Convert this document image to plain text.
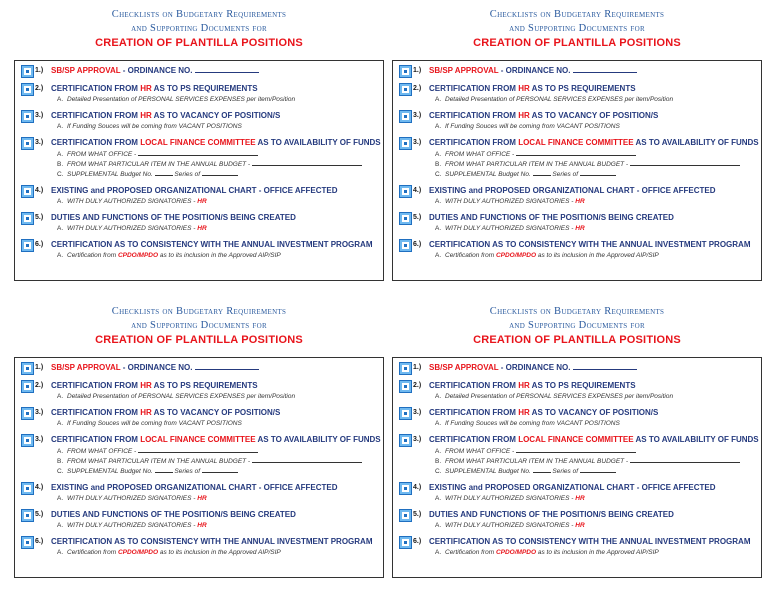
Checklists on Budgetary Requirements
and Supporting Documents for
CREATION OF PLANTILLA POSITIONS
1.) SB/SP APPROVAL - ORDINANCE NO.
2.) CERTIFICATION FROM HR AS TO PS REQUIREMENTS
A. Detailed Presentation of PERSONAL SERVICES EXPENSES per item/Position
3.) CERTIFICATION FROM HR AS TO VACANCY OF POSITION/S
A. If Funding Souces will be coming from VACANT POSITIONS
3.) CERTIFICATION FROM LOCAL FINANCE COMMITTEE AS TO AVAILABILITY OF FUNDS
A. FROM WHAT OFFICE -
B. FROM WHAT PARTICULAR ITEM IN THE ANNUAL BUDGET -
C. SUPPLEMENTAL Budget No.	Series of
4.) EXISTING and PROPOSED ORGANIZATIONAL CHART - OFFICE AFFECTED
A. WITH DULY AUTHORIZED SIGNATORIES - HR
5.) DUTIES AND FUNCTIONS OF THE POSITION/S BEING CREATED
A. WITH DULY AUTHORIZED SIGNATORIES - HR
6.) CERTIFICATION AS TO CONSISTENCY WITH THE ANNUAL INVESTMENT PROGRAM
A. Certification from CPDO/MPDO as to its inclusion in the Approved AIP/SIP
Checklists on Budgetary Requirements
and Supporting Documents for
CREATION OF PLANTILLA POSITIONS
1.) SB/SP APPROVAL - ORDINANCE NO.
2.) CERTIFICATION FROM HR AS TO PS REQUIREMENTS
A. Detailed Presentation of PERSONAL SERVICES EXPENSES per item/Position
3.) CERTIFICATION FROM HR AS TO VACANCY OF POSITION/S
A. If Funding Souces will be coming from VACANT POSITIONS
3.) CERTIFICATION FROM LOCAL FINANCE COMMITTEE AS TO AVAILABILITY OF FUNDS
A. FROM WHAT OFFICE -
B. FROM WHAT PARTICULAR ITEM IN THE ANNUAL BUDGET -
C. SUPPLEMENTAL Budget No.	Series of
4.) EXISTING and PROPOSED ORGANIZATIONAL CHART - OFFICE AFFECTED
A. WITH DULY AUTHORIZED SIGNATORIES - HR
5.) DUTIES AND FUNCTIONS OF THE POSITION/S BEING CREATED
A. WITH DULY AUTHORIZED SIGNATORIES - HR
6.) CERTIFICATION AS TO CONSISTENCY WITH THE ANNUAL INVESTMENT PROGRAM
A. Certification from CPDO/MPDO as to its inclusion in the Approved AIP/SIP
Checklists on Budgetary Requirements
and Supporting Documents for
CREATION OF PLANTILLA POSITIONS
1.) SB/SP APPROVAL - ORDINANCE NO.
2.) CERTIFICATION FROM HR AS TO PS REQUIREMENTS
A. Detailed Presentation of PERSONAL SERVICES EXPENSES per item/Position
3.) CERTIFICATION FROM HR AS TO VACANCY OF POSITION/S
A. If Funding Souces will be coming from VACANT POSITIONS
3.) CERTIFICATION FROM LOCAL FINANCE COMMITTEE AS TO AVAILABILITY OF FUNDS
A. FROM WHAT OFFICE -
B. FROM WHAT PARTICULAR ITEM IN THE ANNUAL BUDGET -
C. SUPPLEMENTAL Budget No.	Series of
4.) EXISTING and PROPOSED ORGANIZATIONAL CHART - OFFICE AFFECTED
A. WITH DULY AUTHORIZED SIGNATORIES - HR
5.) DUTIES AND FUNCTIONS OF THE POSITION/S BEING CREATED
A. WITH DULY AUTHORIZED SIGNATORIES - HR
6.) CERTIFICATION AS TO CONSISTENCY WITH THE ANNUAL INVESTMENT PROGRAM
A. Certification from CPDO/MPDO as to its inclusion in the Approved AIP/SIP
Checklists on Budgetary Requirements
and Supporting Documents for
CREATION OF PLANTILLA POSITIONS
1.) SB/SP APPROVAL - ORDINANCE NO.
2.) CERTIFICATION FROM HR AS TO PS REQUIREMENTS
A. Detailed Presentation of PERSONAL SERVICES EXPENSES per item/Position
3.) CERTIFICATION FROM HR AS TO VACANCY OF POSITION/S
A. If Funding Souces will be coming from VACANT POSITIONS
3.) CERTIFICATION FROM LOCAL FINANCE COMMITTEE AS TO AVAILABILITY OF FUNDS
A. FROM WHAT OFFICE -
B. FROM WHAT PARTICULAR ITEM IN THE ANNUAL BUDGET -
C. SUPPLEMENTAL Budget No.	Series of
4.) EXISTING and PROPOSED ORGANIZATIONAL CHART - OFFICE AFFECTED
A. WITH DULY AUTHORIZED SIGNATORIES - HR
5.) DUTIES AND FUNCTIONS OF THE POSITION/S BEING CREATED
A. WITH DULY AUTHORIZED SIGNATORIES - HR
6.) CERTIFICATION AS TO CONSISTENCY WITH THE ANNUAL INVESTMENT PROGRAM
A. Certification from CPDO/MPDO as to its inclusion in the Approved AIP/SIP
